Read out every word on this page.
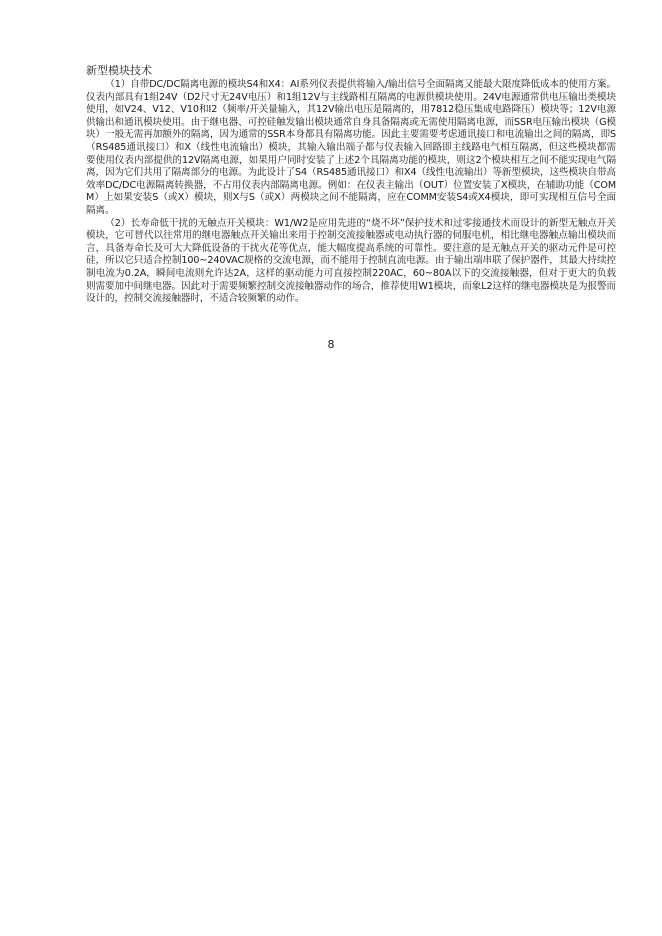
新型模块技术

（1）自带DC/DC隔离电源的模块S4和X4：AI系列仪表提供将输入/输出信号全面隔离又能最大限度降低成本的使用方案。仪表内部具有1组24V（D2尺寸无24V电压）和1组12V与主线路相互隔离的电源供模块使用。24V电源通常供电压输出类模块使用，如V24、V12、V10和I2（频率/开关量输入，其12V输出电压是隔离的，用7812稳压集成电路降压）模块等；12V电源供输出和通讯模块使用。由于继电器、可控硅触发输出模块通常自身具备隔离或无需使用隔离电源，而SSR电压输出模块（G模块）一般无需再加额外的隔离，因为通常的SSR本身都具有隔离功能。因此主要需要考虑通讯接口和电流输出之间的隔离，即S（RS485通讯接口）和X（线性电流输出）模块，其输入输出端子都与仪表输入回路即主线路电气相互隔离，但这些模块都需要使用仪表内部提供的12V隔离电源，如果用户同时安装了上述2个具隔离功能的模块，则这2个模块相互之间不能实现电气隔离，因为它们共用了隔离部分的电源。为此设计了S4（RS485通讯接口）和X4（线性电流输出）等新型模块，这些模块自带高效率DC/DC电源隔离转换器，不占用仪表内部隔离电源。例如：在仪表主输出（OUT）位置安装了X模块，在辅助功能（COMM）上如果安装S（或X）模块，则X与S（或X）两模块之间不能隔离，应在COMM安装S4或X4模块，即可实现相互信号全面隔离。

（2）长寿命低干扰的无触点开关模块：W1/W2是应用先进的“烧不坏”保护技术和过零接通技术而设计的新型无触点开关模块，它可替代以往常用的继电器触点开关输出来用于控制交流接触器或电动执行器的伺服电机，相比继电器触点输出模块而言，具备寿命长及可大大降低设备的干扰火花等优点，能大幅度提高系统的可靠性。要注意的是无触点开关的驱动元件是可控硅，所以它只适合控制100~240VAC规格的交流电源，而不能用于控制直流电源。由于输出端串联了保护器件，其最大持续控制电流为0.2A，瞬间电流则允许达2A，这样的驱动能力可直接控制220AC，60~80A以下的交流接触器，但对于更大的负载则需要加中间继电器。因此对于需要频繁控制交流接触器动作的场合，推荐使用W1模块，而象L2这样的继电器模块是为报警而设计的，控制交流接触器时，不适合较频繁的动作。

8
